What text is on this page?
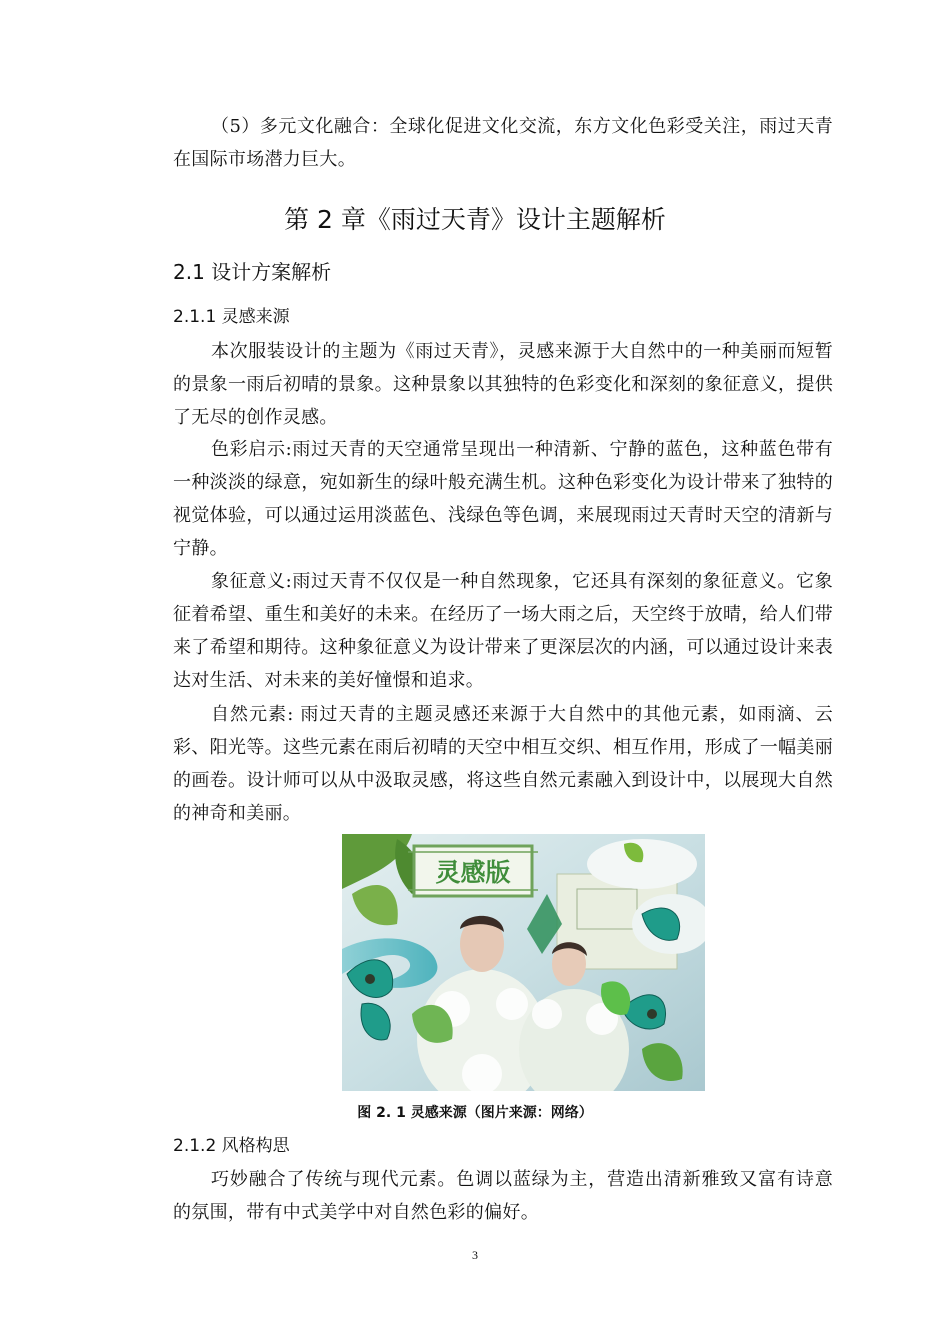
（5）多元文化融合：全球化促进文化交流，东方文化色彩受关注，雨过天青在国际市场潜力巨大。

第 2 章《雨过天青》设计主题解析
2.1 设计方案解析
2.1.1 灵感来源

本次服装设计的主题为《雨过天青》，灵感来源于大自然中的一种美丽而短暂的景象一雨后初晴的景象。这种景象以其独特的色彩变化和深刻的象征意义，提供了无尽的创作灵感。

色彩启示:雨过天青的天空通常呈现出一种清新、宁静的蓝色，这种蓝色带有一种淡淡的绿意，宛如新生的绿叶般充满生机。这种色彩变化为设计带来了独特的视觉体验，可以通过运用淡蓝色、浅绿色等色调，来展现雨过天青时天空的清新与宁静。

象征意义:雨过天青不仅仅是一种自然现象，它还具有深刻的象征意义。它象征着希望、重生和美好的未来。在经历了一场大雨之后，天空终于放晴，给人们带来了希望和期待。这种象征意义为设计带来了更深层次的内涵，可以通过设计来表达对生活、对未来的美好憧憬和追求。

自然元素: 雨过天青的主题灵感还来源于大自然中的其他元素，如雨滴、云彩、阳光等。这些元素在雨后初晴的天空中相互交织、相互作用，形成了一幅美丽的画卷。设计师可以从中汲取灵感，将这些自然元素融入到设计中，以展现大自然的神奇和美丽。

灵感版

图 2. 1 灵感来源（图片来源：网络）

2.1.2 风格构思

巧妙融合了传统与现代元素。色调以蓝绿为主，营造出清新雅致又富有诗意的氛围，带有中式美学中对自然色彩的偏好。

3
